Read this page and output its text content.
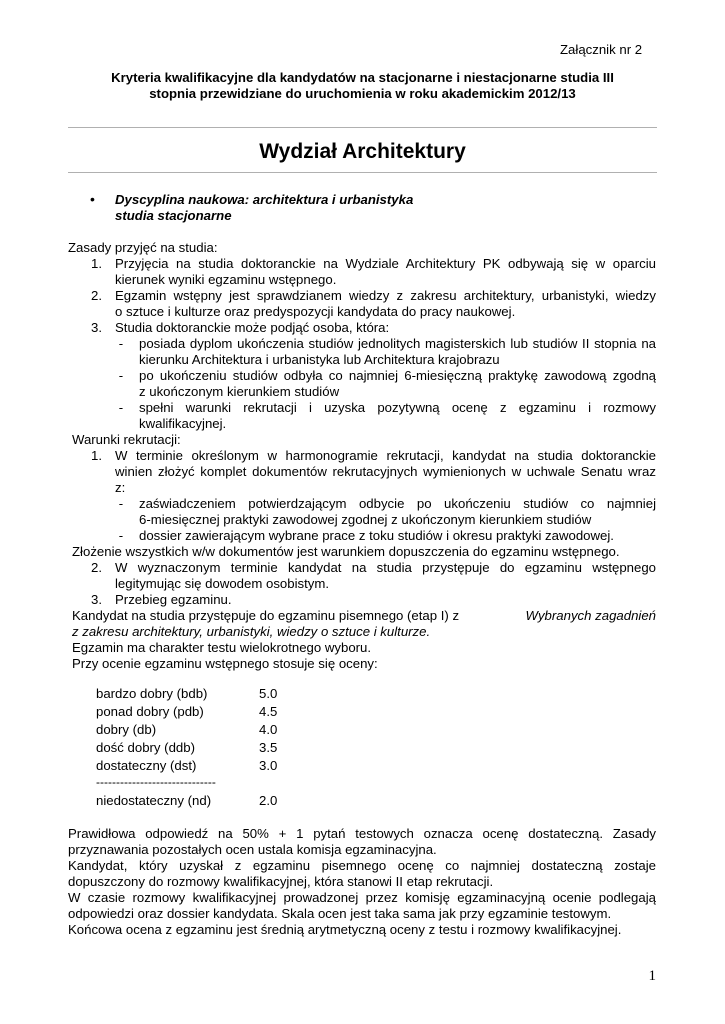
Załącznik nr 2
Kryteria kwalifikacyjne dla kandydatów na stacjonarne i niestacjonarne studia III
stopnia przewidziane do uruchomienia w roku akademickim 2012/13
Wydział Architektury
• Dyscyplina naukowa: architektura i urbanistyka
studia stacjonarne
Zasady przyjęć na studia:
1. Przyjęcia na studia doktoranckie na Wydziale Architektury PK odbywają się w oparciu
kierunek wyniki egzaminu wstępnego.
2. Egzamin wstępny jest sprawdzianem wiedzy z zakresu architektury, urbanistyki, wiedzy
o sztuce i kulturze oraz predyspozycji kandydata do pracy naukowej.
3. Studia doktoranckie może podjąć osoba, która:
-	posiada dyplom ukończenia studiów jednolitych magisterskich lub studiów II stopnia na
kierunku Architektura i urbanistyka lub Architektura krajobrazu
-	po ukończeniu studiów odbyła co najmniej 6-miesięczną praktykę zawodową zgodną
z ukończonym kierunkiem studiów
-	spełni warunki rekrutacji i uzyska pozytywną ocenę z egzaminu i rozmowy
kwalifikacyjnej.
Warunki rekrutacji:
1. W terminie określonym w harmonogramie rekrutacji, kandydat na studia doktoranckie
winien złożyć komplet dokumentów rekrutacyjnych wymienionych w uchwale Senatu wraz
z:
-	zaświadczeniem potwierdzającym odbycie po ukończeniu studiów co najmniej
6-miesięcznej praktyki zawodowej zgodnej z ukończonym kierunkiem studiów
-	dossier zawierającym wybrane prace z toku studiów i okresu praktyki zawodowej.
Złożenie wszystkich w/w dokumentów jest warunkiem dopuszczenia do egzaminu wstępnego.
2. W wyznaczonym terminie kandydat na studia przystępuje do egzaminu wstępnego
legitymując się dowodem osobistym.
3. Przebieg egzaminu.
Kandydat na studia przystępuje do egzaminu pisemnego (etap I) z	Wybranych zagadnień
z zakresu architektury, urbanistyki, wiedzy o sztuce i kulturze.
Egzamin ma charakter testu wielokrotnego wyboru.
Przy ocenie egzaminu wstępnego stosuje się oceny:
bardzo dobry (bdb)	5.0
ponad dobry (pdb)	4.5
dobry (db)	4.0
dość dobry (ddb)	3.5
dostateczny (dst)	3.0
------------------------------
niedostateczny (nd)	2.0
Prawidłowa odpowiedź na 50% + 1 pytań testowych oznacza ocenę dostateczną. Zasady
przyznawania pozostałych ocen ustala komisja egzaminacyjna.
Kandydat, który uzyskał z egzaminu pisemnego ocenę co najmniej dostateczną zostaje
dopuszczony do rozmowy kwalifikacyjnej, która stanowi II etap rekrutacji.
W czasie rozmowy kwalifikacyjnej prowadzonej przez komisję egzaminacyjną ocenie podlegają
odpowiedzi oraz dossier kandydata. Skala ocen jest taka sama jak przy egzaminie testowym.
Końcowa ocena z egzaminu jest średnią arytmetyczną oceny z testu i rozmowy kwalifikacyjnej.
1
